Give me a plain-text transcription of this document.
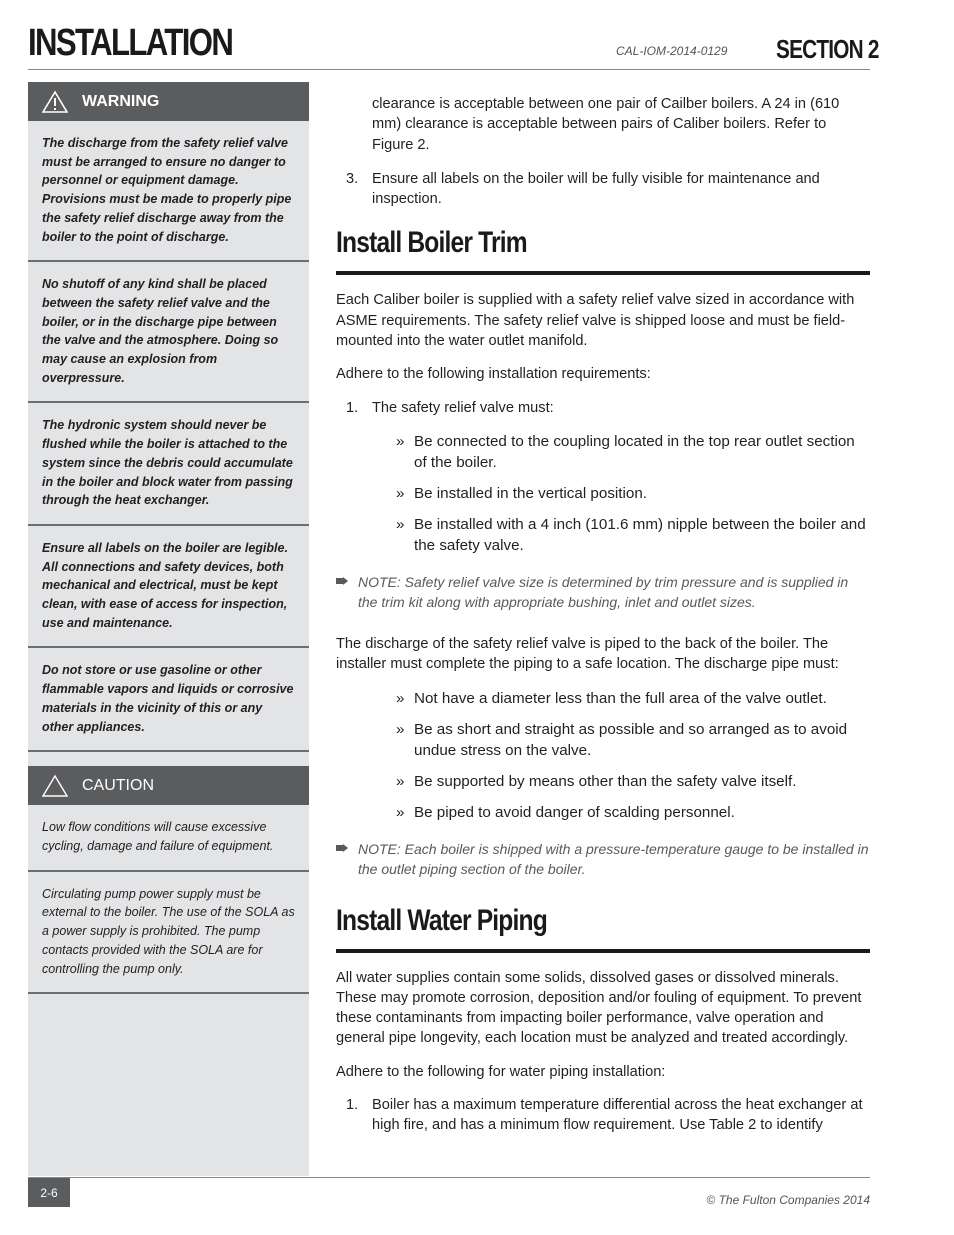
INSTALLATION	CAL-IOM-2014-0129 SECTION 2
WARNING
The discharge from the safety relief valve must be arranged to ensure no danger to personnel or equipment damage. Provisions must be made to properly pipe the safety relief discharge away from the boiler to the point of discharge.
No shutoff of any kind shall be placed between the safety relief valve and the boiler, or in the discharge pipe between the valve and the atmosphere. Doing so may cause an explosion from overpressure.
The hydronic system should never be flushed while the boiler is attached to the system since the debris could accumulate in the boiler and block water from passing through the heat exchanger.
Ensure all labels on the boiler are legible. All connections and safety devices, both mechanical and electrical, must be kept clean, with ease of access for inspection, use and maintenance.
Do not store or use gasoline or other flammable vapors and liquids or corrosive materials in the vicinity of this or any other appliances.
CAUTION
Low flow conditions will cause excessive cycling, damage and failure of equipment.
Circulating pump power supply must be external to the boiler. The use of the SOLA as a power supply is prohibited. The pump contacts provided with the SOLA are for controlling the pump only.

clearance is acceptable between one pair of Cailber boilers. A 24 in (610 mm) clearance is acceptable between pairs of Caliber boilers. Refer to Figure 2.

3. Ensure all labels on the boiler will be fully visible for maintenance and inspection.
Install Boiler Trim

Each Caliber boiler is supplied with a safety relief valve sized in accordance with ASME requirements. The safety relief valve is shipped loose and must be field-mounted into the water outlet manifold.

Adhere to the following installation requirements:

1. The safety relief valve must:
» Be connected to the coupling located in the top rear outlet section of the boiler.
» Be installed in the vertical position.
» Be installed with a 4 inch (101.6 mm) nipple between the boiler and the safety valve.
NOTE: Safety relief valve size is determined by trim pressure and is supplied in the trim kit along with appropriate bushing, inlet and outlet sizes.

The discharge of the safety relief valve is piped to the back of the boiler. The installer must complete the piping to a safe location. The discharge pipe must:

» Not have a diameter less than the full area of the valve outlet.
» Be as short and straight as possible and so arranged as to avoid undue stress on the valve.
» Be supported by means other than the safety valve itself.
» Be piped to avoid danger of scalding personnel.
NOTE: Each boiler is shipped with a pressure-temperature gauge to be installed in the outlet piping section of the boiler.
Install Water Piping

All water supplies contain some solids, dissolved gases or dissolved minerals. These may promote corrosion, deposition and/or fouling of equipment. To prevent these contaminants from impacting boiler performance, valve operation and general pipe longevity, each location must be analyzed and treated accordingly.

Adhere to the following for water piping installation:

1. Boiler has a maximum temperature differential across the heat exchanger at high fire, and has a minimum flow requirement. Use Table 2 to identify
2-6
© The Fulton Companies 2014
